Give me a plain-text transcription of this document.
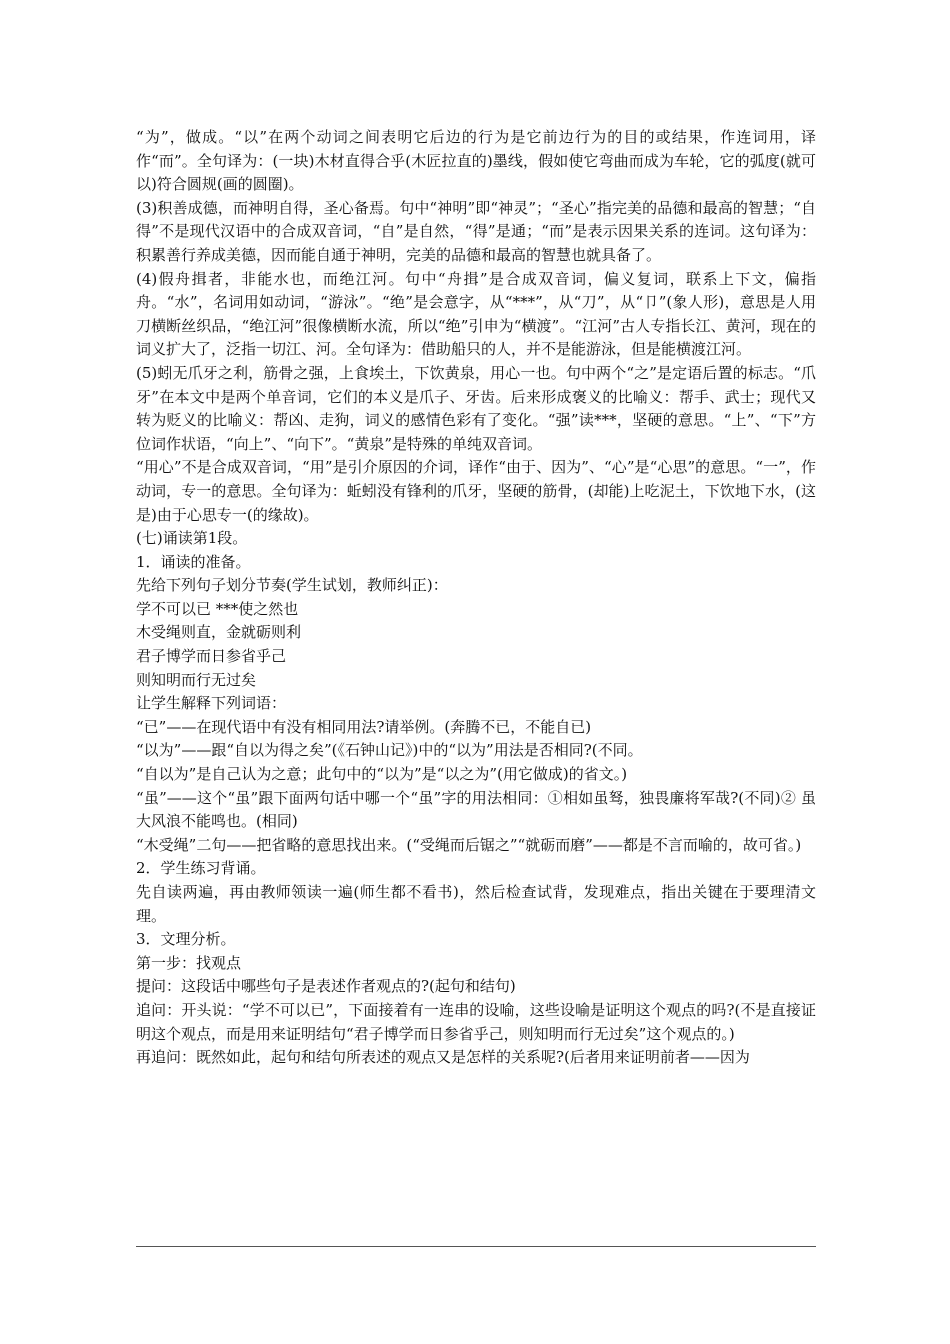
“为”，做成。“以”在两个动词之间表明它后边的行为是它前边行为的目的或结果，作连词用，译作“而”。全句译为：(一块)木材直得合乎(木匠拉直的)墨线，假如使它弯曲而成为车轮，它的弧度(就可以)符合圆规(画的圆圈)。

(3)积善成德，而神明自得，圣心备焉。句中“神明”即“神灵”；“圣心”指完美的品德和最高的智慧；“自得”不是现代汉语中的合成双音词，“自”是自然，“得”是通；“而”是表示因果关系的连词。这句译为：积累善行养成美德，因而能自通于神明，完美的品德和最高的智慧也就具备了。

(4)假舟揖者，非能水也，而绝江河。句中“舟揖”是合成双音词，偏义复词，联系上下文，偏指舟。“水”，名词用如动词，“游泳”。“绝”是会意字，从“***”，从“刀”，从“卩”(象人形)，意思是人用刀横断丝织品，“绝江河”很像横断水流，所以“绝”引申为“横渡”。“江河”古人专指长江、黄河，现在的词义扩大了，泛指一切江、河。全句译为：借助船只的人，并不是能游泳，但是能横渡江河。

(5)蚓无爪牙之利，筋骨之强，上食埃土，下饮黄泉，用心一也。句中两个“之”是定语后置的标志。“爪牙”在本文中是两个单音词，它们的本义是爪子、牙齿。后来形成褒义的比喻义：帮手、武士；现代又转为贬义的比喻义：帮凶、走狗，词义的感情色彩有了变化。“强”读***，坚硬的意思。“上”、“下”方位词作状语，“向上”、“向下”。“黄泉”是特殊的单纯双音词。

“用心”不是合成双音词，“用”是引介原因的介词，译作“由于、因为”、“心”是“心思”的意思。“一”，作动词，专一的意思。全句译为：蚯蚓没有锋利的爪牙，坚硬的筋骨，(却能)上吃泥土，下饮地下水，(这是)由于心思专一(的缘故)。

(七)诵读第1段。

1．诵读的准备。

先给下列句子划分节奏(学生试划，教师纠正)：

学不可以已 ***使之然也

木受绳则直，金就砺则利

君子博学而日参省乎己

则知明而行无过矣

让学生解释下列词语：

“已”——在现代语中有没有相同用法?请举例。(奔腾不已，不能自已)

“以为”——跟“自以为得之矣”(《石钟山记》)中的“以为”用法是否相同?(不同。

“自以为”是自己认为之意；此句中的“以为”是“以之为”(用它做成)的省文。)

“虽”——这个“虽”跟下面两句话中哪一个“虽”字的用法相同：①相如虽驽，独畏廉将军哉?(不同)② 虽大风浪不能鸣也。(相同)

“木受绳”二句——把省略的意思找出来。(“受绳而后锯之”“就砺而磨”——都是不言而喻的，故可省。)

2．学生练习背诵。

先自读两遍，再由教师领读一遍(师生都不看书)，然后检查试背，发现难点，指出关键在于要理清文理。

3．文理分析。

第一步：找观点

提问：这段话中哪些句子是表述作者观点的?(起句和结句)

追问：开头说：“学不可以已”，下面接着有一连串的设喻，这些设喻是证明这个观点的吗?(不是直接证明这个观点，而是用来证明结句“君子博学而日参省乎己，则知明而行无过矣”这个观点的。)

再追问：既然如此，起句和结句所表述的观点又是怎样的关系呢?(后者用来证明前者——因为
